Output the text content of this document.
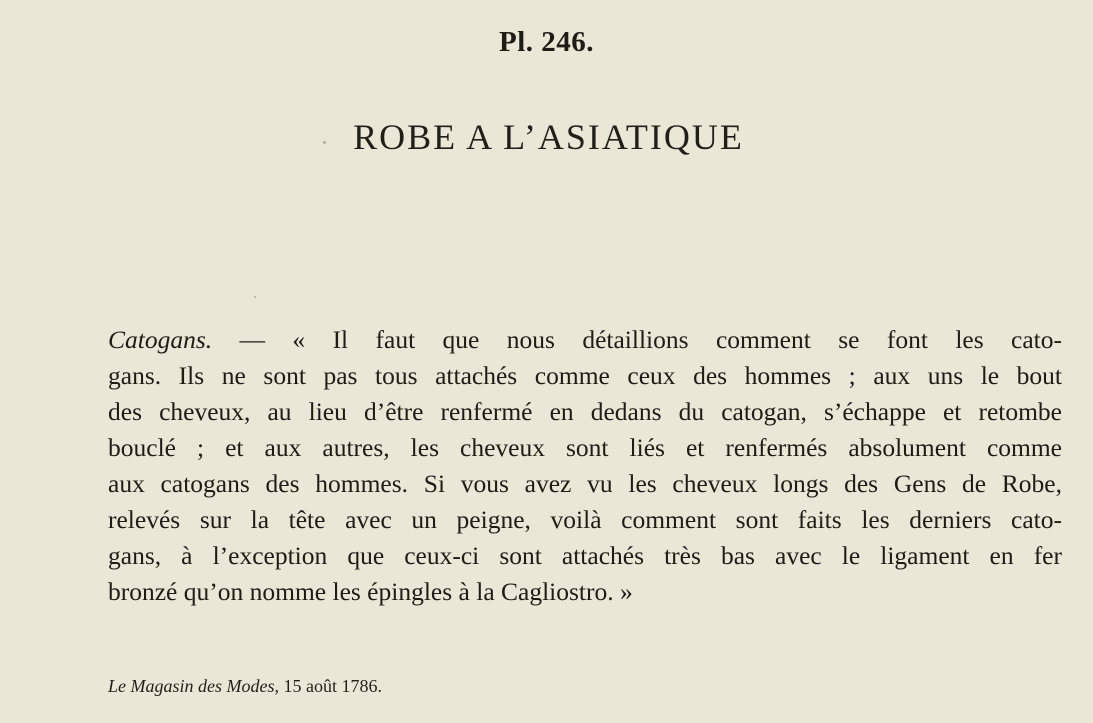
Pl. 246.
ROBE A L’ASIATIQUE
Catogans. — « Il faut que nous détaillions comment se font les cato-
gans. Ils ne sont pas tous attachés comme ceux des hommes ; aux uns le bout
des cheveux, au lieu d’être renfermé en dedans du catogan, s’échappe et retombe
bouclé ; et aux autres, les cheveux sont liés et renfermés absolument comme
aux catogans des hommes. Si vous avez vu les cheveux longs des Gens de Robe,
relevés sur la tête avec un peigne, voilà comment sont faits les derniers cato-
gans, à l’exception que ceux-ci sont attachés très bas avec le ligament en fer
bronzé qu’on nomme les épingles à la Cagliostro. »
Le Magasin des Modes, 15 août 1786.
